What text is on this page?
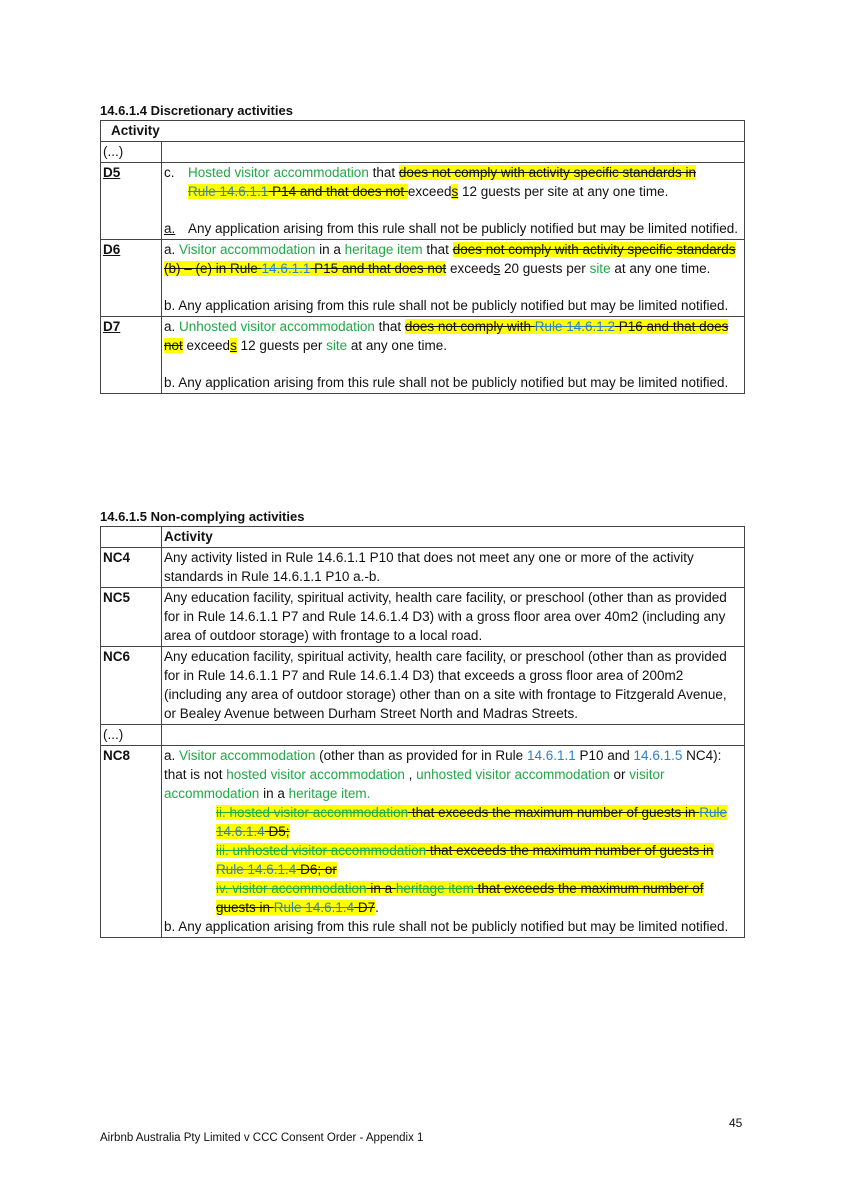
14.6.1.4 Discretionary activities
Activity	
(...)	
D5	c. Hosted visitor accommodation that does not comply with activity specific standards in
Rule 14.6.1.1 P14 and that does not exceeds 12 guests per site at any one time.
a. Any application arising from this rule shall not be publicly notified but may be limited notified.

D6	a. Visitor accommodation in a heritage item that does not comply with activity specific standards (b) – (e) in Rule 14.6.1.1 P15 and that does not exceeds 20 guests per site at any one time.
b. Any application arising from this rule shall not be publicly notified but may be limited notified.
D7	a. Unhosted visitor accommodation that does not comply with Rule 14.6.1.2 P16 and that does not exceeds 12 guests per site at any one time.
b. Any application arising from this rule shall not be publicly notified but may be limited notified.
14.6.1.5 Non-complying activities
	Activity
NC4	Any activity listed in Rule 14.6.1.1 P10 that does not meet any one or more of the activity standards in Rule 14.6.1.1 P10 a.-b.
NC5	Any education facility, spiritual activity, health care facility, or preschool (other than as provided for in Rule 14.6.1.1 P7 and Rule 14.6.1.4 D3) with a gross floor area over 40m2 (including any area of outdoor storage) with frontage to a local road.
NC6	Any education facility, spiritual activity, health care facility, or preschool (other than as provided for in Rule 14.6.1.1 P7 and Rule 14.6.1.4 D3) that exceeds a gross floor area of 200m2 (including any area of outdoor storage) other than on a site with frontage to Fitzgerald Avenue, or Bealey Avenue between Durham Street North and Madras Streets.
(...)	
NC8	a. Visitor accommodation (other than as provided for in Rule 14.6.1.1 P10 and 14.6.1.5 NC4): that is not hosted visitor accommodation , unhosted visitor accommodation or visitor accommodation in a heritage item.
ii. hosted visitor accommodation that exceeds the maximum number of guests in Rule 14.6.1.4 D5;
iii. unhosted visitor accommodation that exceeds the maximum number of guests in Rule 14.6.1.4 D6; or
iv. visitor accommodation in a heritage item that exceeds the maximum number of guests in Rule 14.6.1.4 D7.
b. Any application arising from this rule shall not be publicly notified but may be limited notified.
45
Airbnb Australia Pty Limited v CCC Consent Order - Appendix 1
